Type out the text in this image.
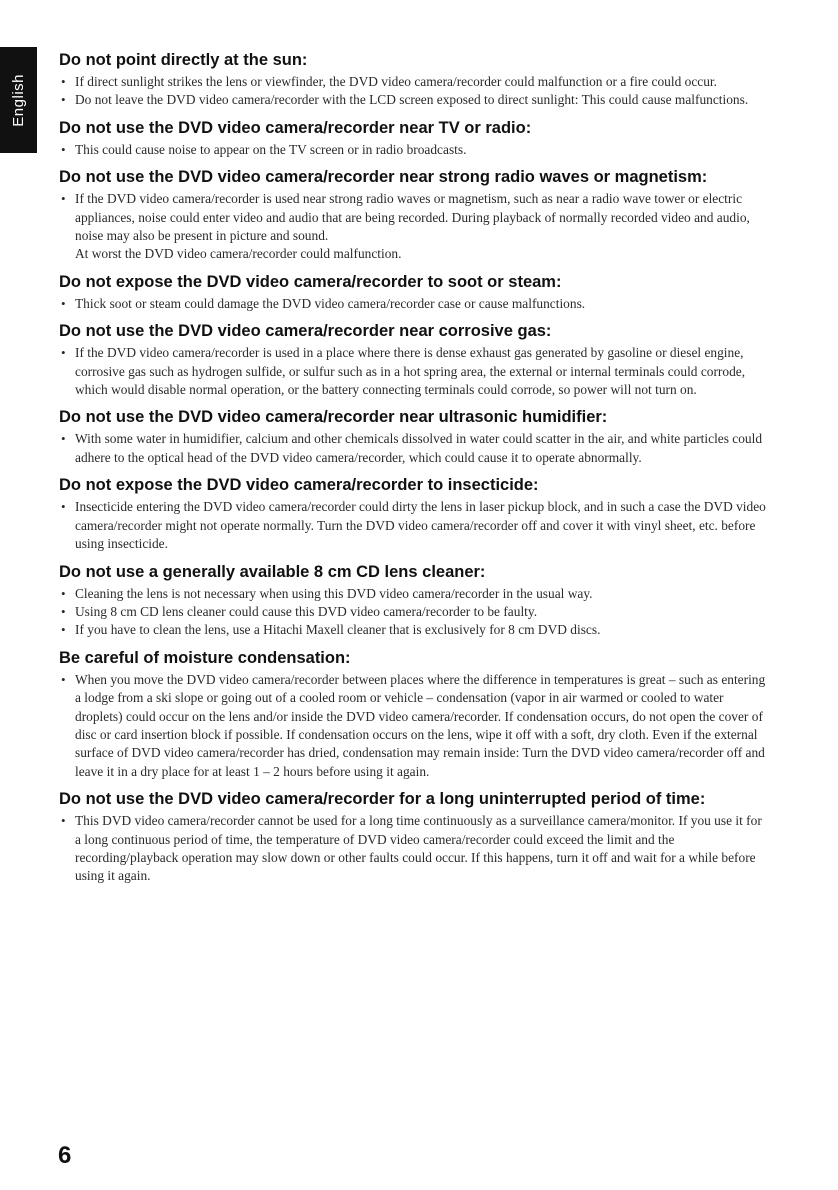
English
Do not point directly at the sun:
• If direct sunlight strikes the lens or viewfinder, the DVD video camera/recorder could malfunction or a fire could occur.
• Do not leave the DVD video camera/recorder with the LCD screen exposed to direct sunlight: This could cause malfunctions.
Do not use the DVD video camera/recorder near TV or radio:
• This could cause noise to appear on the TV screen or in radio broadcasts.
Do not use the DVD video camera/recorder near strong radio waves or magnetism:
• If the DVD video camera/recorder is used near strong radio waves or magnetism, such as near a radio wave tower or electric appliances, noise could enter video and audio that are being recorded. During playback of normally recorded video and audio, noise may also be present in picture and sound.
At worst the DVD video camera/recorder could malfunction.
Do not expose the DVD video camera/recorder to soot or steam:
• Thick soot or steam could damage the DVD video camera/recorder case or cause malfunctions.
Do not use the DVD video camera/recorder near corrosive gas:
• If the DVD video camera/recorder is used in a place where there is dense exhaust gas generated by gasoline or diesel engine, corrosive gas such as hydrogen sulfide, or sulfur such as in a hot spring area, the external or internal terminals could corrode, which would disable normal operation, or the battery connecting terminals could corrode, so power will not turn on.
Do not use the DVD video camera/recorder near ultrasonic humidifier:
• With some water in humidifier, calcium and other chemicals dissolved in water could scatter in the air, and white particles could adhere to the optical head of the DVD video camera/recorder, which could cause it to operate abnormally.
Do not expose the DVD video camera/recorder to insecticide:
• Insecticide entering the DVD video camera/recorder could dirty the lens in laser pickup block, and in such a case the DVD video camera/recorder might not operate normally. Turn the DVD video camera/recorder off and cover it with vinyl sheet, etc. before using insecticide.
Do not use a generally available 8 cm CD lens cleaner:
• Cleaning the lens is not necessary when using this DVD video camera/recorder in the usual way.
• Using 8 cm CD lens cleaner could cause this DVD video camera/recorder to be faulty.
• If you have to clean the lens, use a Hitachi Maxell cleaner that is exclusively for 8 cm DVD discs.
Be careful of moisture condensation:
• When you move the DVD video camera/recorder between places where the difference in temperatures is great – such as entering a lodge from a ski slope or going out of a cooled room or vehicle – condensation (vapor in air warmed or cooled to water droplets) could occur on the lens and/or inside the DVD video camera/recorder. If condensation occurs, do not open the cover of disc or card insertion block if possible. If condensation occurs on the lens, wipe it off with a soft, dry cloth. Even if the external surface of DVD video camera/recorder has dried, condensation may remain inside: Turn the DVD video camera/recorder off and leave it in a dry place for at least 1 – 2 hours before using it again.
Do not use the DVD video camera/recorder for a long uninterrupted period of time:
• This DVD video camera/recorder cannot be used for a long time continuously as a surveillance camera/monitor. If you use it for a long continuous period of time, the temperature of DVD video camera/recorder could exceed the limit and the recording/playback operation may slow down or other faults could occur. If this happens, turn it off and wait for a while before using it again.
6
